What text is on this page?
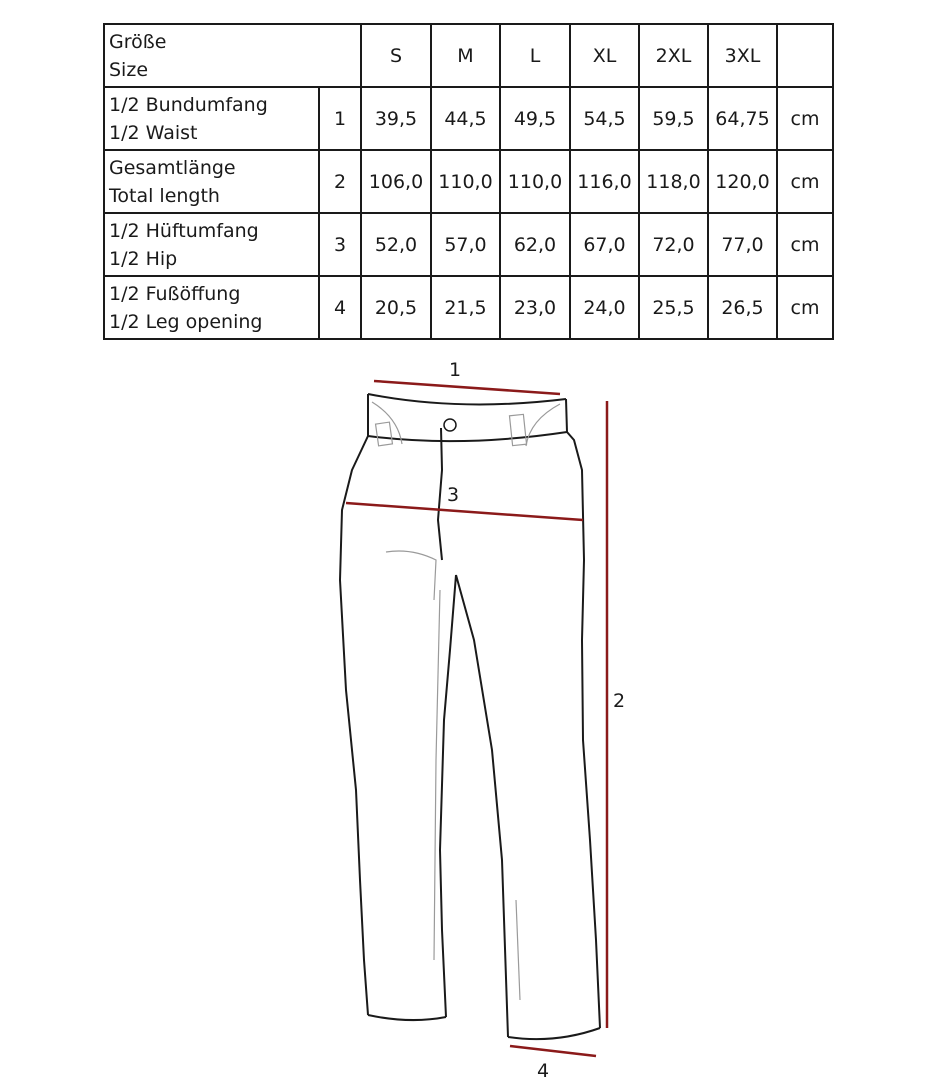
Größe
Size		S	M	L	XL	2XL	3XL	

1/2 Bundumfang
1/2 Waist	1	39,5	44,5	49,5	54,5	59,5	64,75	cm

Gesamtlänge
Total length	2	106,0	110,0	110,0	116,0	118,0	120,0	cm

1/2 Hüftumfang
1/2 Hip	3	52,0	57,0	62,0	67,0	72,0	77,0	cm

1/2 Fußöffung
1/2 Leg opening	4	20,5	21,5	23,0	24,0	25,5	26,5	cm
1
3
2
4
